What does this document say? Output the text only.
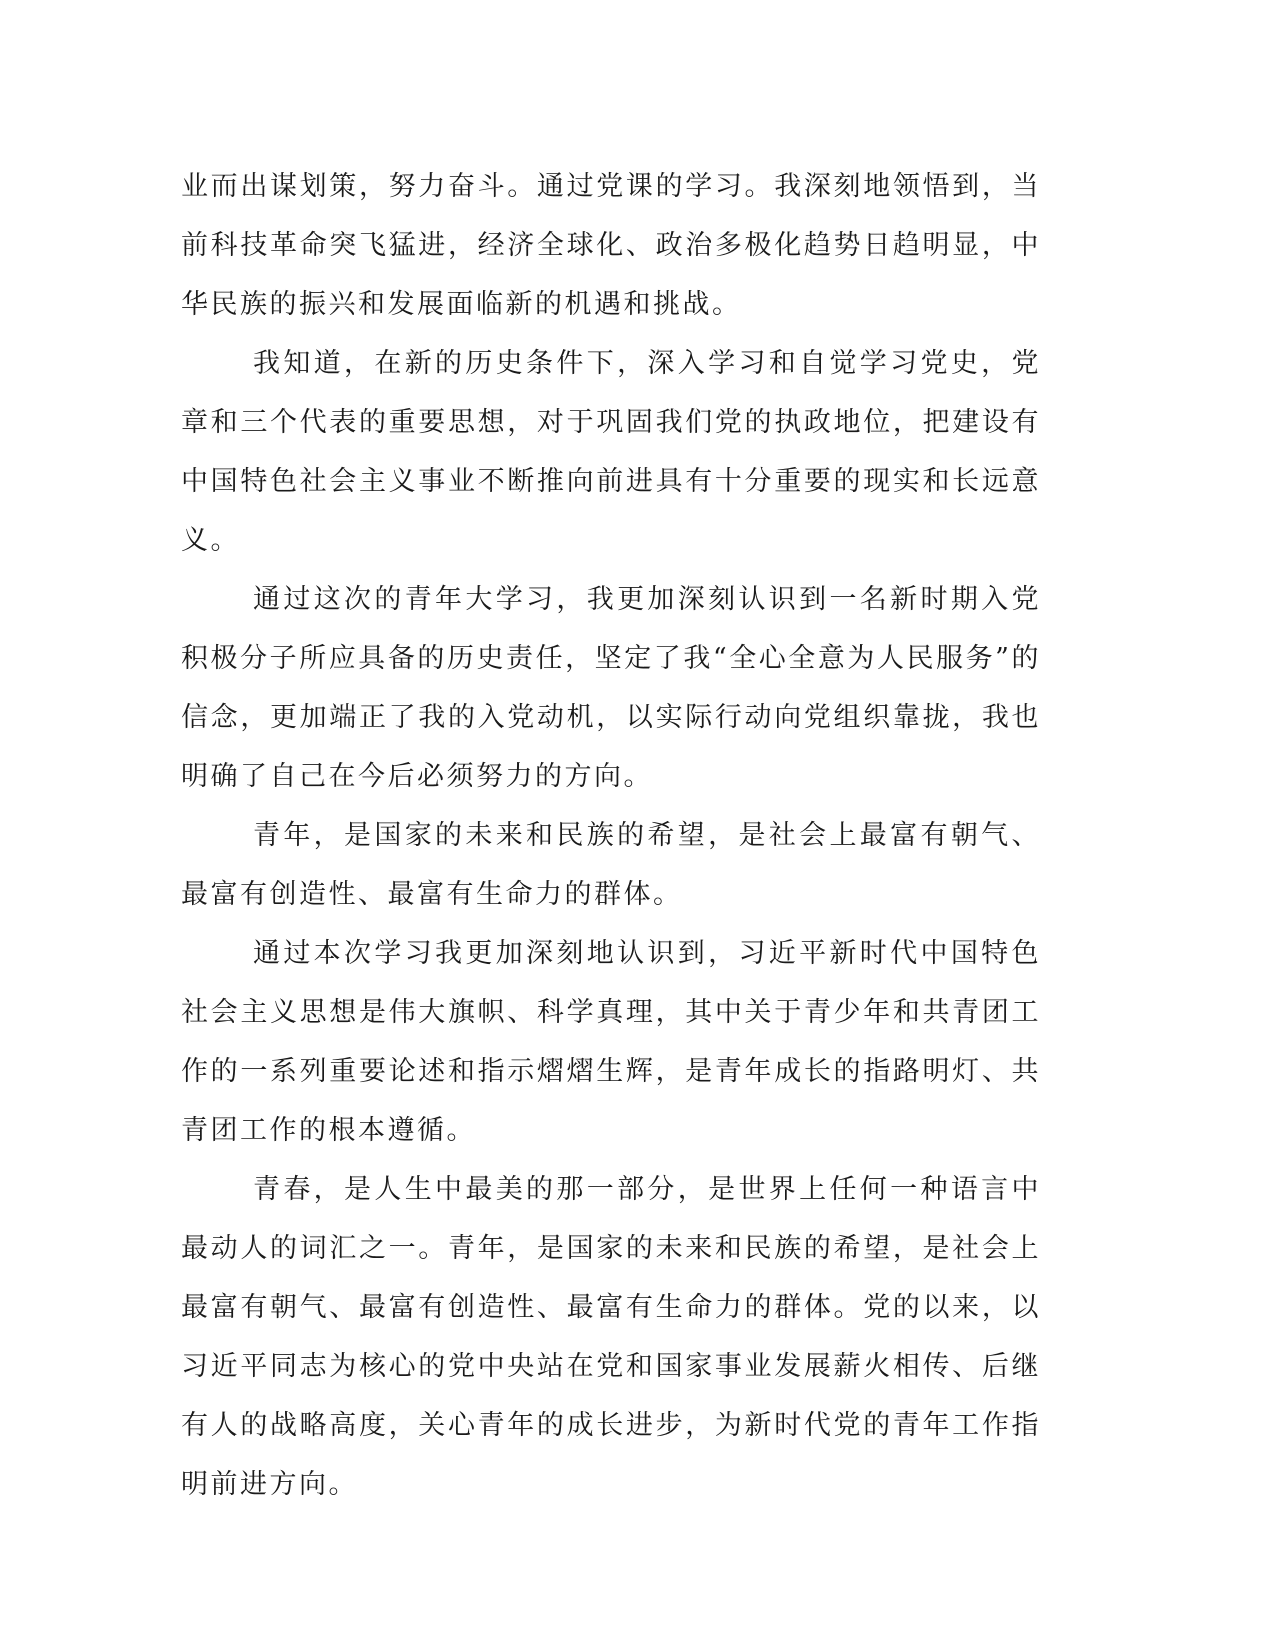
业而出谋划策，努力奋斗。通过党课的学习。我深刻地领悟到，当前科技革命突飞猛进，经济全球化、政治多极化趋势日趋明显，中华民族的振兴和发展面临新的机遇和挑战。

我知道，在新的历史条件下，深入学习和自觉学习党史，党章和三个代表的重要思想，对于巩固我们党的执政地位，把建设有中国特色社会主义事业不断推向前进具有十分重要的现实和长远意义。

通过这次的青年大学习，我更加深刻认识到一名新时期入党积极分子所应具备的历史责任，坚定了我“全心全意为人民服务”的信念，更加端正了我的入党动机，以实际行动向党组织靠拢，我也明确了自己在今后必须努力的方向。

青年，是国家的未来和民族的希望，是社会上最富有朝气、最富有创造性、最富有生命力的群体。

通过本次学习我更加深刻地认识到，习近平新时代中国特色社会主义思想是伟大旗帜、科学真理，其中关于青少年和共青团工作的一系列重要论述和指示熠熠生辉，是青年成长的指路明灯、共青团工作的根本遵循。

青春，是人生中最美的那一部分，是世界上任何一种语言中最动人的词汇之一。青年，是国家的未来和民族的希望，是社会上最富有朝气、最富有创造性、最富有生命力的群体。党的以来，以习近平同志为核心的党中央站在党和国家事业发展薪火相传、后继有人的战略高度，关心青年的成长进步，为新时代党的青年工作指明前进方向。
